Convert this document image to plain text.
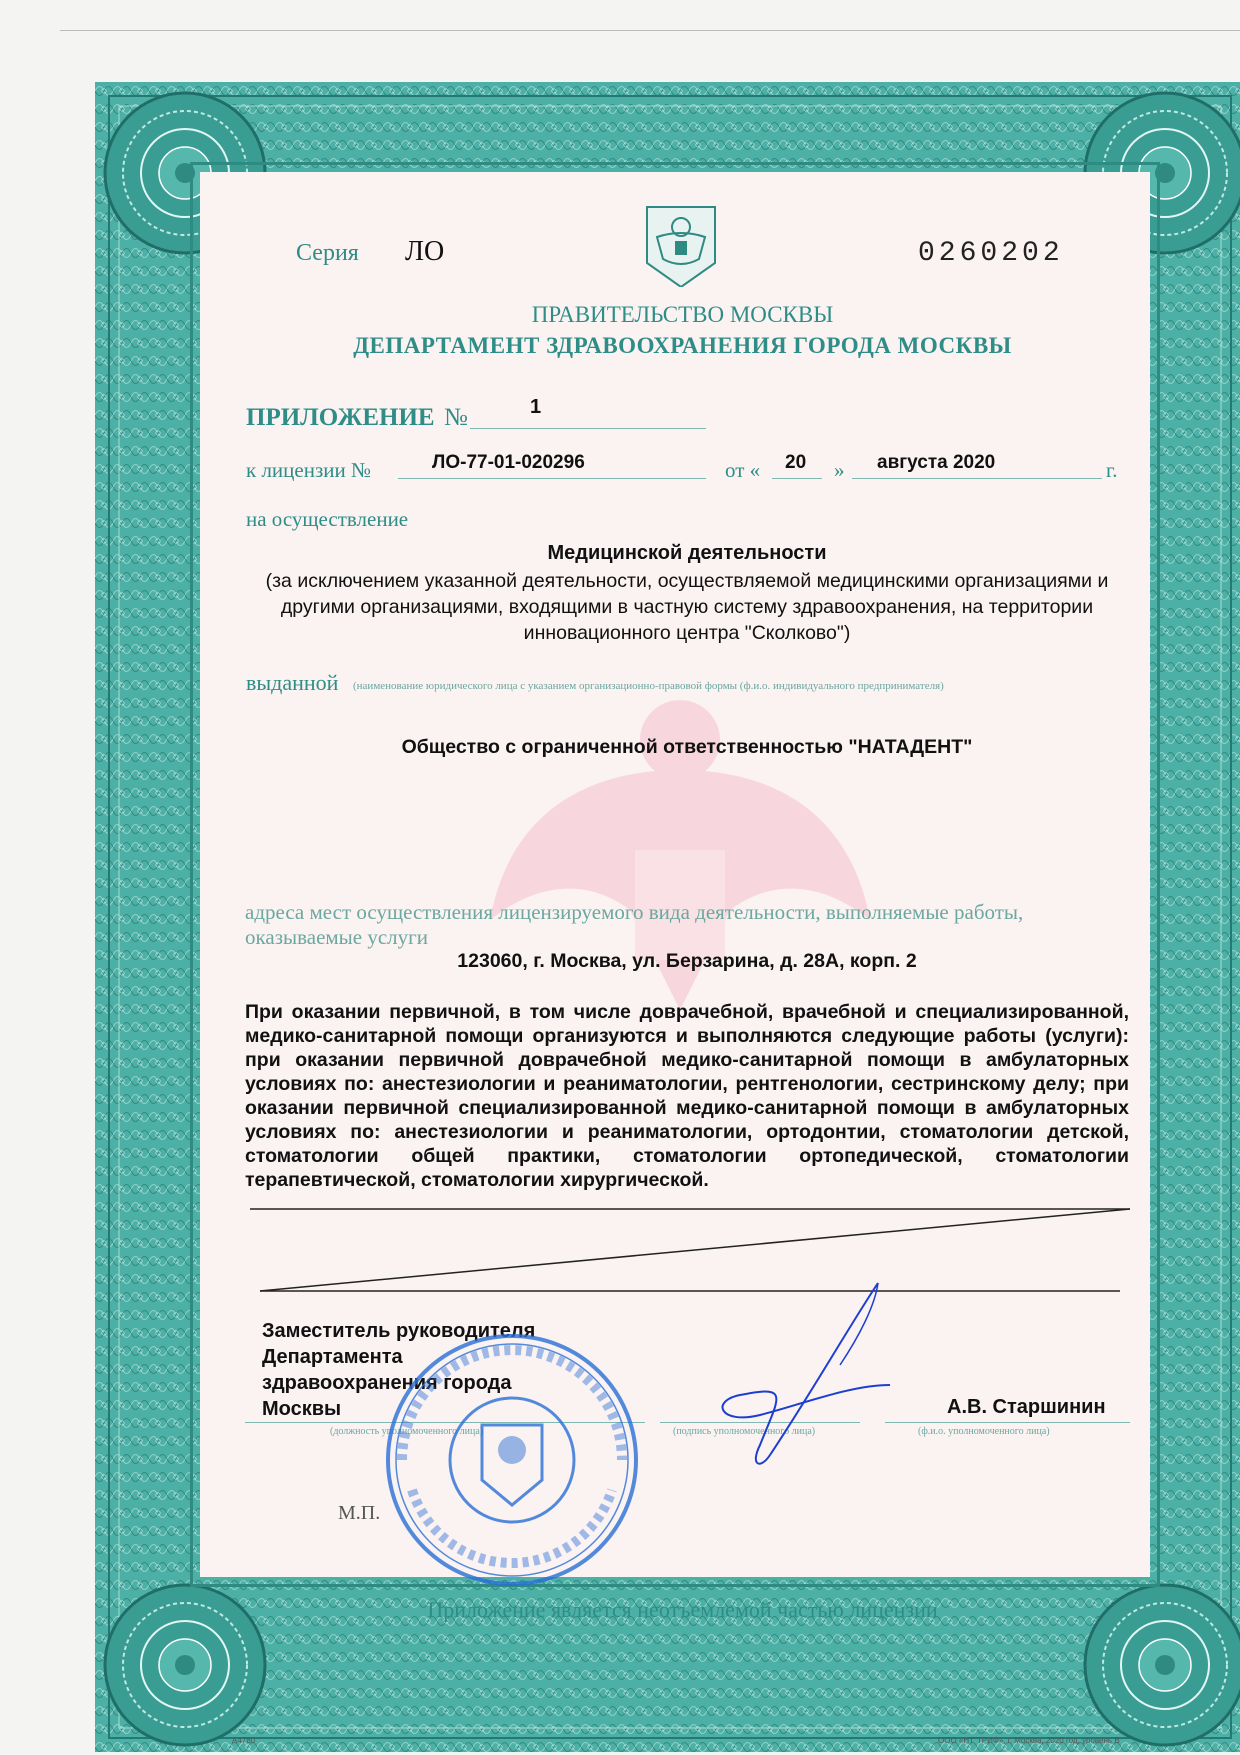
Серия ЛО	0260202
ПРАВИТЕЛЬСТВО МОСКВЫ
ДЕПАРТАМЕНТ ЗДРАВООХРАНЕНИЯ ГОРОДА МОСКВЫ
ПРИЛОЖЕНИЕ №	1
к лицензии №	ЛО-77-01-020296	от « 20 » августа 2020	г.
на осуществление
Медицинской деятельности
(за исключением указанной деятельности, осуществляемой медицинскими организациями и другими организациями, входящими в частную систему здравоохранения, на территории инновационного центра "Сколково")
выданной (наименование юридического лица с указанием организационно-правовой формы (ф.и.о. индивидуального предпринимателя)
Общество с ограниченной ответственностью "НАТАДЕНТ"
адреса мест осуществления лицензируемого вида деятельности, выполняемые работы, оказываемые услуги
123060, г. Москва, ул. Берзарина, д. 28А, корп. 2
При оказании первичной, в том числе доврачебной, врачебной и специализированной, медико-санитарной помощи организуются и выполняются следующие работы (услуги): при оказании первичной доврачебной медико-санитарной помощи в амбулаторных условиях по: анестезиологии и реаниматологии, рентгенологии, сестринскому делу; при оказании первичной специализированной медико-санитарной помощи в амбулаторных условиях по: анестезиологии и реаниматологии, ортодонтии, стоматологии детской, стоматологии общей практики, стоматологии ортопедической, стоматологии терапевтической, стоматологии хирургической.
Заместитель руководителя
Департамента
здравоохранения города
Москвы
(должность уполномоченного лица)	(подпись уполномоченного лица)
А.В. Старшинин
(ф.и.о. уполномоченного лица)
М.П.
Приложение является неотъемлемой частью лицензии
А4780	ООО «НТ"ТРИФ», г. Москва, 2020 год, уровень В
